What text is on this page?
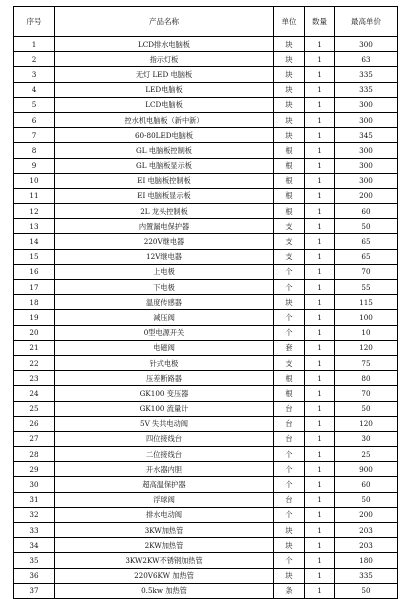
序号	产品名称	单位	数量	最高单价
1	LCD排水电脑板	块	1	300
2	指示灯板	块	1	63
3	无灯 LED 电脑板	块	1	335
4	LED电脑板	块	1	335
5	LCD电脑板	块	1	300
6	控水机电脑板（新中新）	块	1	300
7	60-80LED电脑板	块	1	345
8	GL 电脑板控制板	根	1	300
9	GL 电脑板显示板	根	1	300
10	EI 电脑板控制板	根	1	300
11	EI 电脑板显示板	根	1	200
12	2L 龙头控制板	根	1	60
13	内置漏电保护器	支	1	50
14	220V继电器	支	1	65
15	12V继电器	支	1	65
16	上电极	个	1	70
17	下电极	个	1	55
18	温度传感器	块	1	115
19	减压阀	个	1	100
20	0型电源开关	个	1	10
21	电磁阀	套	1	120
22	针式电极	支	1	75
23	压差断路器	根	1	80
24	GK100 变压器	根	1	70
25	GK100 流量计	台	1	50
26	5V 失共电动阀	台	1	120
27	四位接线台	台	1	30
28	二位接线台	个	1	25
29	开水器内胆	个	1	900
30	超高温保护器	个	1	60
31	浮球阀	台	1	50
32	排水电动阀	个	1	200
33	3KW加热管	块	1	203
34	2KW加热管	块	1	203
35	3KW2KW不锈钢加热管	个	1	180
36	220V6KW 加热管	块	1	335
37	0.5kw 加热管	条	1	50
